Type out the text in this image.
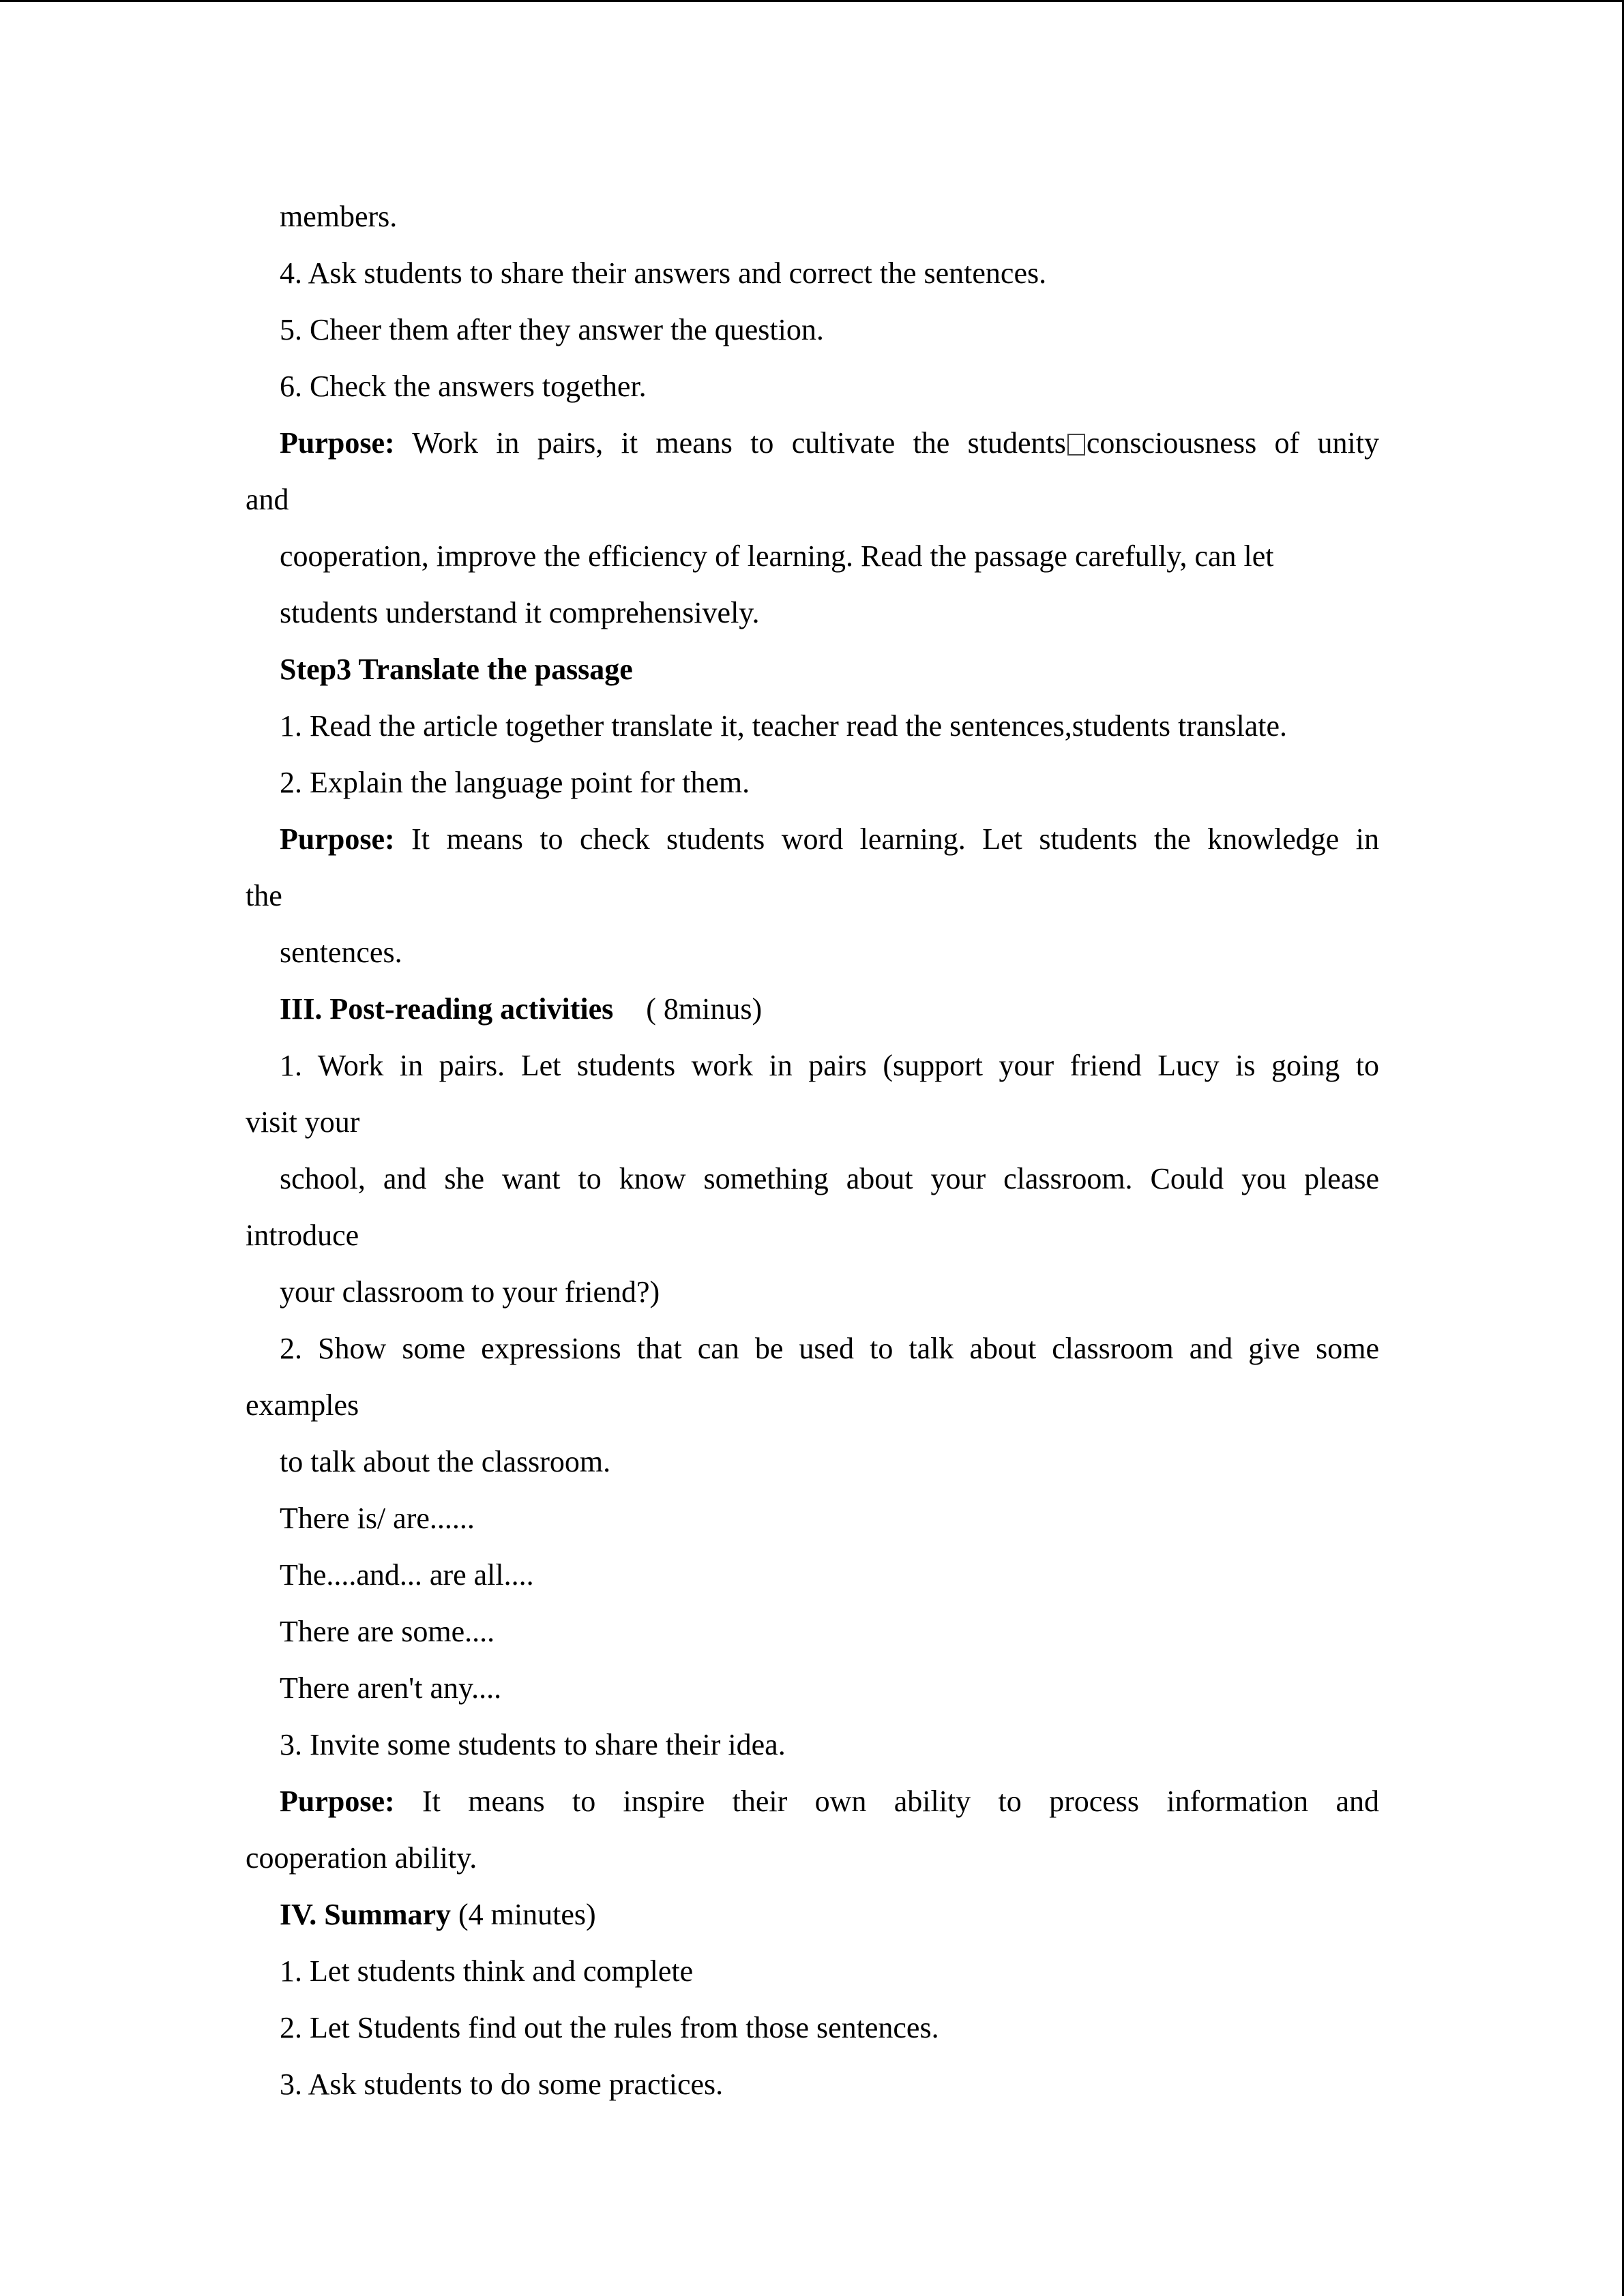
members.
4. Ask students to share their answers and correct the sentences.
5. Cheer them after they answer the question.
6. Check the answers together.
Purpose: Work in pairs, it means to cultivate the students consciousness of unity
and
cooperation, improve the efficiency of learning. Read the passage carefully, can let
students understand it comprehensively.
Step3 Translate the passage
1. Read the article together translate it, teacher read the sentences,students translate.
2. Explain the language point for them.
Purpose: It means to check students word learning. Let students the knowledge in
the
sentences.
III. Post-reading activities ( 8minus)
1. Work in pairs. Let students work in pairs (support your friend Lucy is going to
visit your
school, and she want to know something about your classroom. Could you please
introduce
your classroom to your friend?)
2. Show some expressions that can be used to talk about classroom and give some
examples
to talk about the classroom.
There is/ are......
The....and... are all....
There are some....
There aren't any....
3. Invite some students to share their idea.
Purpose: It means to inspire their own ability to process information and
cooperation ability.
IV. Summary (4 minutes)
1. Let students think and complete
2. Let Students find out the rules from those sentences.
3. Ask students to do some practices.
